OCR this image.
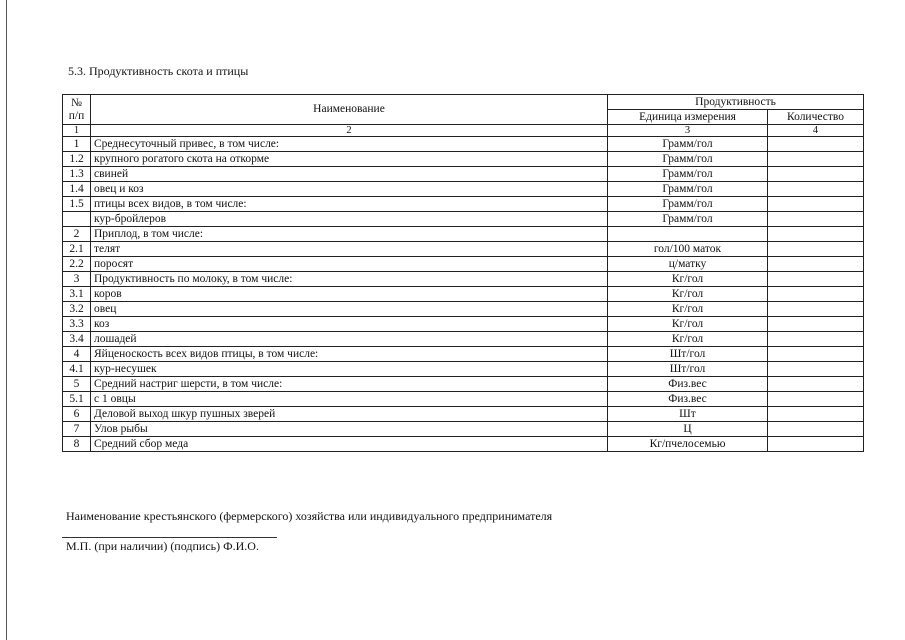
5.3. Продуктивность скота и птицы
№
п/п	Наименование	Продуктивность	
		Единица измерения	Количество
1	2	3	4
1	Среднесуточный привес, в том числе:	Грамм/гол	
1.2	крупного рогатого скота на откорме	Грамм/гол	
1.3	свиней	Грамм/гол	
1.4	овец и коз	Грамм/гол	
1.5	птицы всех видов, в том числе:	Грамм/гол	
	кур-бройлеров	Грамм/гол	
2	Приплод, в том числе:		
2.1	телят	гол/100 маток	
2.2	поросят	ц/матку	
3	Продуктивность по молоку, в том числе:	Кг/гол	
3.1	коров	Кг/гол	
3.2	овец	Кг/гол	
3.3	коз	Кг/гол	
3.4	лошадей	Кг/гол	
4	Яйценоскость всех видов птицы, в том числе:	Шт/гол	
4.1	кур-несушек	Шт/гол	
5	Средний настриг шерсти, в том числе:	Физ.вес	
5.1	с 1 овцы	Физ.вес	
6	Деловой выход шкур пушных зверей	Шт	
7	Улов рыбы	Ц	
8	Средний сбор меда	Кг/пчелосемью	
Наименование крестьянского (фермерского) хозяйства или индивидуального предпринимателя
М.П. (при наличии) (подпись) Ф.И.О.
